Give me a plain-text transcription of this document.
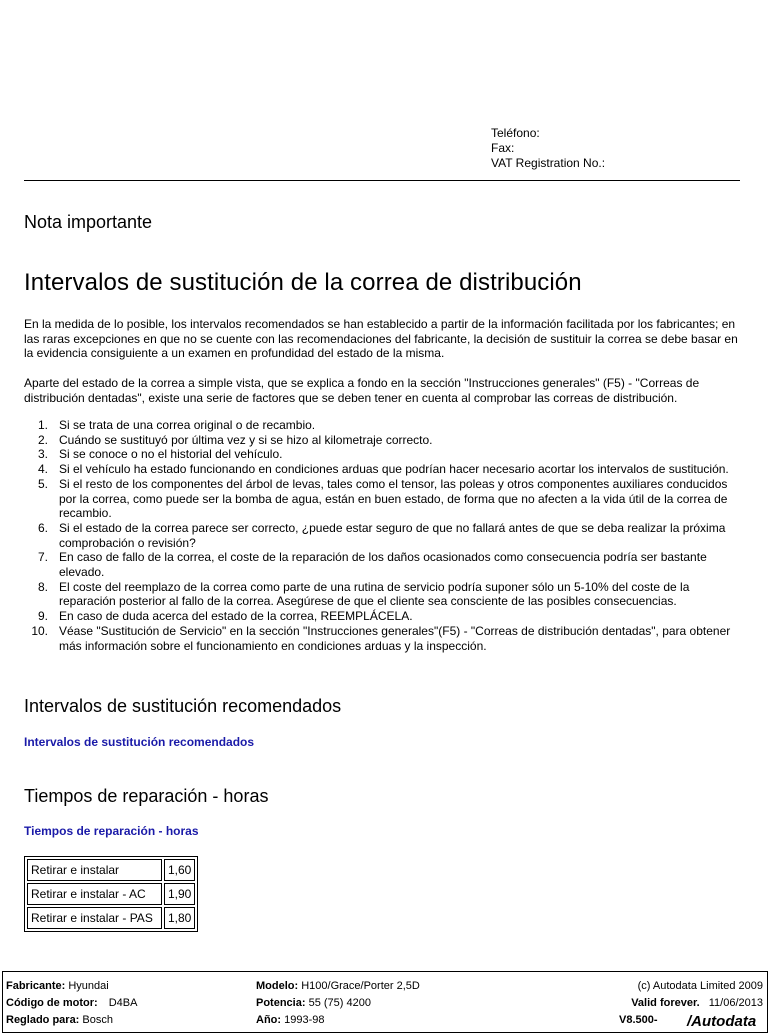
Teléfono:
Fax:
VAT Registration No.:
Nota importante
Intervalos de sustitución de la correa de distribución

En la medida de lo posible, los intervalos recomendados se han establecido a partir de la información facilitada por los fabricantes; en las raras excepciones en que no se cuente con las recomendaciones del fabricante, la decisión de sustituir la correa se debe basar en la evidencia consiguiente a un examen en profundidad del estado de la misma.

Aparte del estado de la correa a simple vista, que se explica a fondo en la sección "Instrucciones generales" (F5) - "Correas de distribución dentadas", existe una serie de factores que se deben tener en cuenta al comprobar las correas de distribución.

1. Si se trata de una correa original o de recambio.
2. Cuándo se sustituyó por última vez y si se hizo al kilometraje correcto.
3. Si se conoce o no el historial del vehículo.
4. Si el vehículo ha estado funcionando en condiciones arduas que podrían hacer necesario acortar los intervalos de sustitución.
5. Si el resto de los componentes del árbol de levas, tales como el tensor, las poleas y otros componentes auxiliares conducidos por la correa, como puede ser la bomba de agua, están en buen estado, de forma que no afecten a la vida útil de la correa de recambio.
6. Si el estado de la correa parece ser correcto, ¿puede estar seguro de que no fallará antes de que se deba realizar la próxima comprobación o revisión?
7. En caso de fallo de la correa, el coste de la reparación de los daños ocasionados como consecuencia podría ser bastante elevado.
8. El coste del reemplazo de la correa como parte de una rutina de servicio podría suponer sólo un 5-10% del coste de la reparación posterior al fallo de la correa. Asegúrese de que el cliente sea consciente de las posibles consecuencias.
9. En caso de duda acerca del estado de la correa, REEMPLÁCELA.
10. Véase "Sustitución de Servicio" en la sección "Instrucciones generales"(F5) - "Correas de distribución dentadas", para obtener más información sobre el funcionamiento en condiciones arduas y la inspección.
Intervalos de sustitución recomendados
Intervalos de sustitución recomendados
Tiempos de reparación - horas
Tiempos de reparación - horas
Retirar e instalar	1,60
Retirar e instalar - AC	1,90
Retirar e instalar - PAS	1,80
Fabricante: Hyundai
Código de motor: D4BA
Reglado para: Bosch
Modelo: H100/Grace/Porter 2,5D
Potencia: 55 (75) 4200
Año: 1993-98
(c) Autodata Limited 2009
Valid forever. 11/06/2013
V8.500- /Autodata
